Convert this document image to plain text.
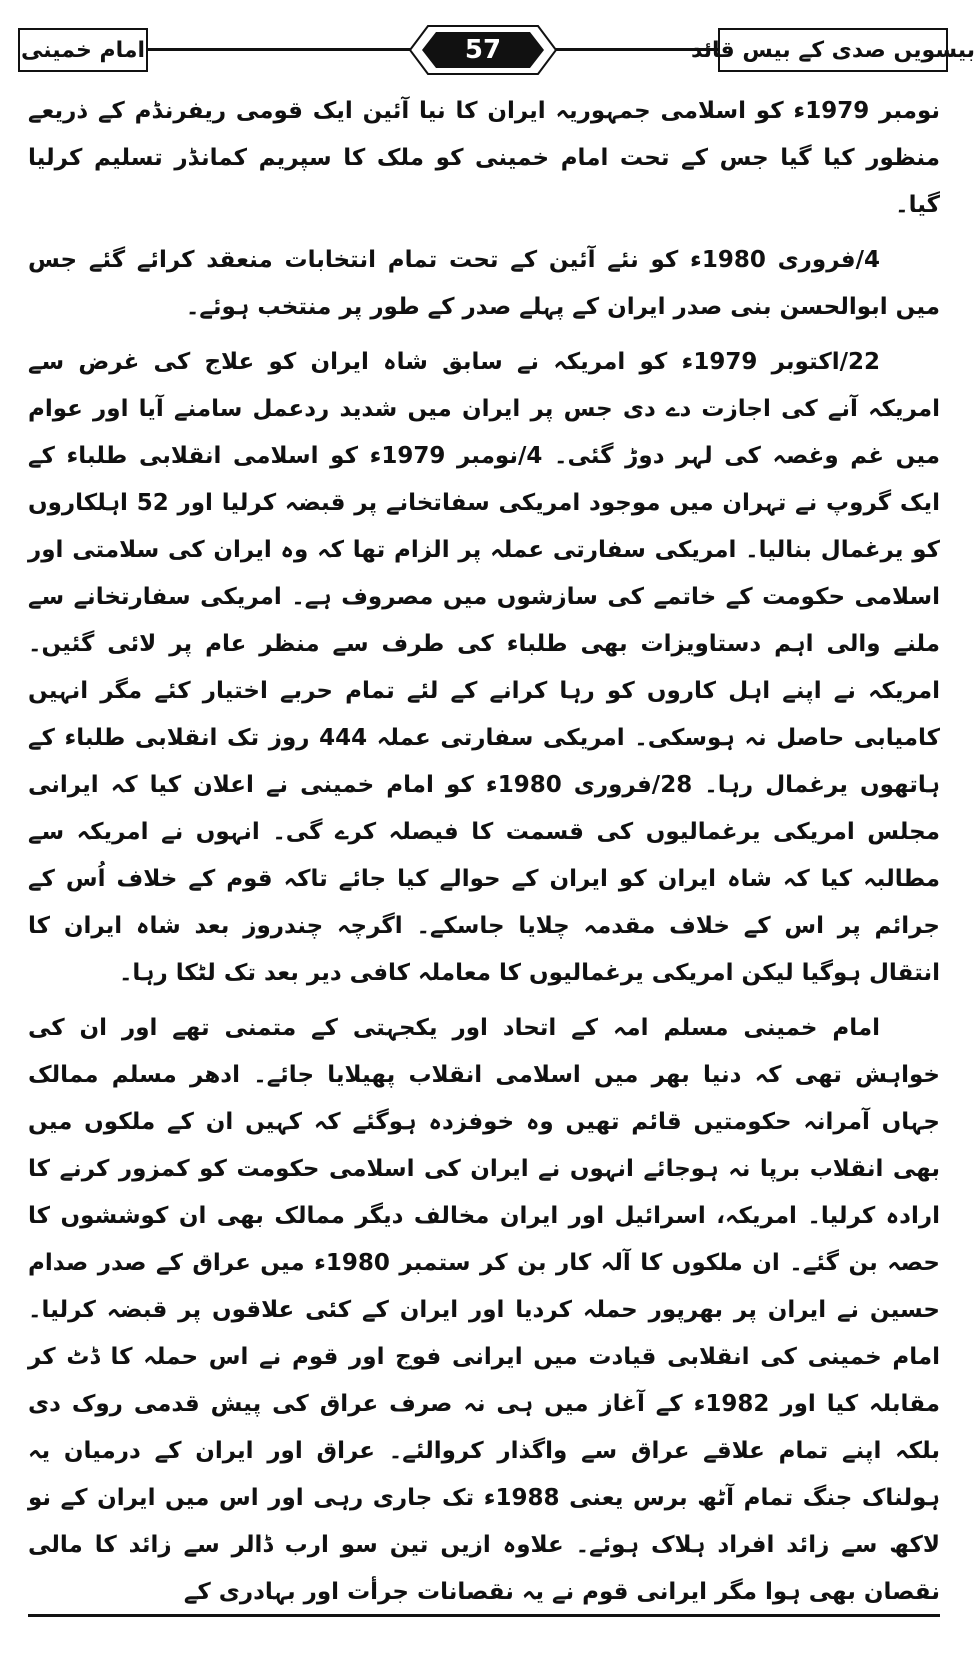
بیسویں صدی کے بیس قائد
امام خمینی	57

نومبر 1979ء کو اسلامی جمہوریہ ایران کا نیا آئین ایک قومی ریفرنڈم کے ذریعے منظور کیا گیا جس کے تحت امام خمینی کو ملک کا سپریم کمانڈر تسلیم کرلیا گیا۔

4/فروری 1980ء کو نئے آئین کے تحت تمام انتخابات منعقد کرائے گئے جس میں ابوالحسن بنی صدر ایران کے پہلے صدر کے طور پر منتخب ہوئے۔

22/اکتوبر 1979ء کو امریکہ نے سابق شاہ ایران کو علاج کی غرض سے امریکہ آنے کی اجازت دے دی جس پر ایران میں شدید ردعمل سامنے آیا اور عوام میں غم وغصہ کی لہر دوڑ گئی۔ 4/نومبر 1979ء کو اسلامی انقلابی طلباء کے ایک گروپ نے تہران میں موجود امریکی سفاتخانے پر قبضہ کرلیا اور 52 اہلکاروں کو یرغمال بنالیا۔ امریکی سفارتی عملہ پر الزام تھا کہ وہ ایران کی سلامتی اور اسلامی حکومت کے خاتمے کی سازشوں میں مصروف ہے۔ امریکی سفارتخانے سے ملنے والی اہم دستاویزات بھی طلباء کی طرف سے منظر عام پر لائی گئیں۔ امریکہ نے اپنے اہل کاروں کو رہا کرانے کے لئے تمام حربے اختیار کئے مگر انہیں کامیابی حاصل نہ ہوسکی۔ امریکی سفارتی عملہ 444 روز تک انقلابی طلباء کے ہاتھوں یرغمال رہا۔ 28/فروری 1980ء کو امام خمینی نے اعلان کیا کہ ایرانی مجلس امریکی یرغمالیوں کی قسمت کا فیصلہ کرے گی۔ انہوں نے امریکہ سے مطالبہ کیا کہ شاہ ایران کو ایران کے حوالے کیا جائے تاکہ قوم کے خلاف اُس کے جرائم پر اس کے خلاف مقدمہ چلایا جاسکے۔ اگرچہ چندروز بعد شاہ ایران کا انتقال ہوگیا لیکن امریکی یرغمالیوں کا معاملہ کافی دیر بعد تک لٹکا رہا۔

امام خمینی مسلم امہ کے اتحاد اور یکجہتی کے متمنی تھے اور ان کی خواہش تھی کہ دنیا بھر میں اسلامی انقلاب پھیلایا جائے۔ ادھر مسلم ممالک جہاں آمرانہ حکومتیں قائم تھیں وہ خوفزدہ ہوگئے کہ کہیں ان کے ملکوں میں بھی انقلاب برپا نہ ہوجائے انہوں نے ایران کی اسلامی حکومت کو کمزور کرنے کا ارادہ کرلیا۔ امریکہ، اسرائیل اور ایران مخالف دیگر ممالک بھی ان کوششوں کا حصہ بن گئے۔ ان ملکوں کا آلہ کار بن کر ستمبر 1980ء میں عراق کے صدر صدام حسین نے ایران پر بھرپور حملہ کردیا اور ایران کے کئی علاقوں پر قبضہ کرلیا۔ امام خمینی کی انقلابی قیادت میں ایرانی فوج اور قوم نے اس حملہ کا ڈٹ کر مقابلہ کیا اور 1982ء کے آغاز میں ہی نہ صرف عراق کی پیش قدمی روک دی بلکہ اپنے تمام علاقے عراق سے واگذار کروالئے۔ عراق اور ایران کے درمیان یہ ہولناک جنگ تمام آٹھ برس یعنی 1988ء تک جاری رہی اور اس میں ایران کے نو لاکھ سے زائد افراد ہلاک ہوئے۔ علاوہ ازیں تین سو ارب ڈالر سے زائد کا مالی نقصان بھی ہوا مگر ایرانی قوم نے یہ نقصانات جرأت اور بہادری کے
